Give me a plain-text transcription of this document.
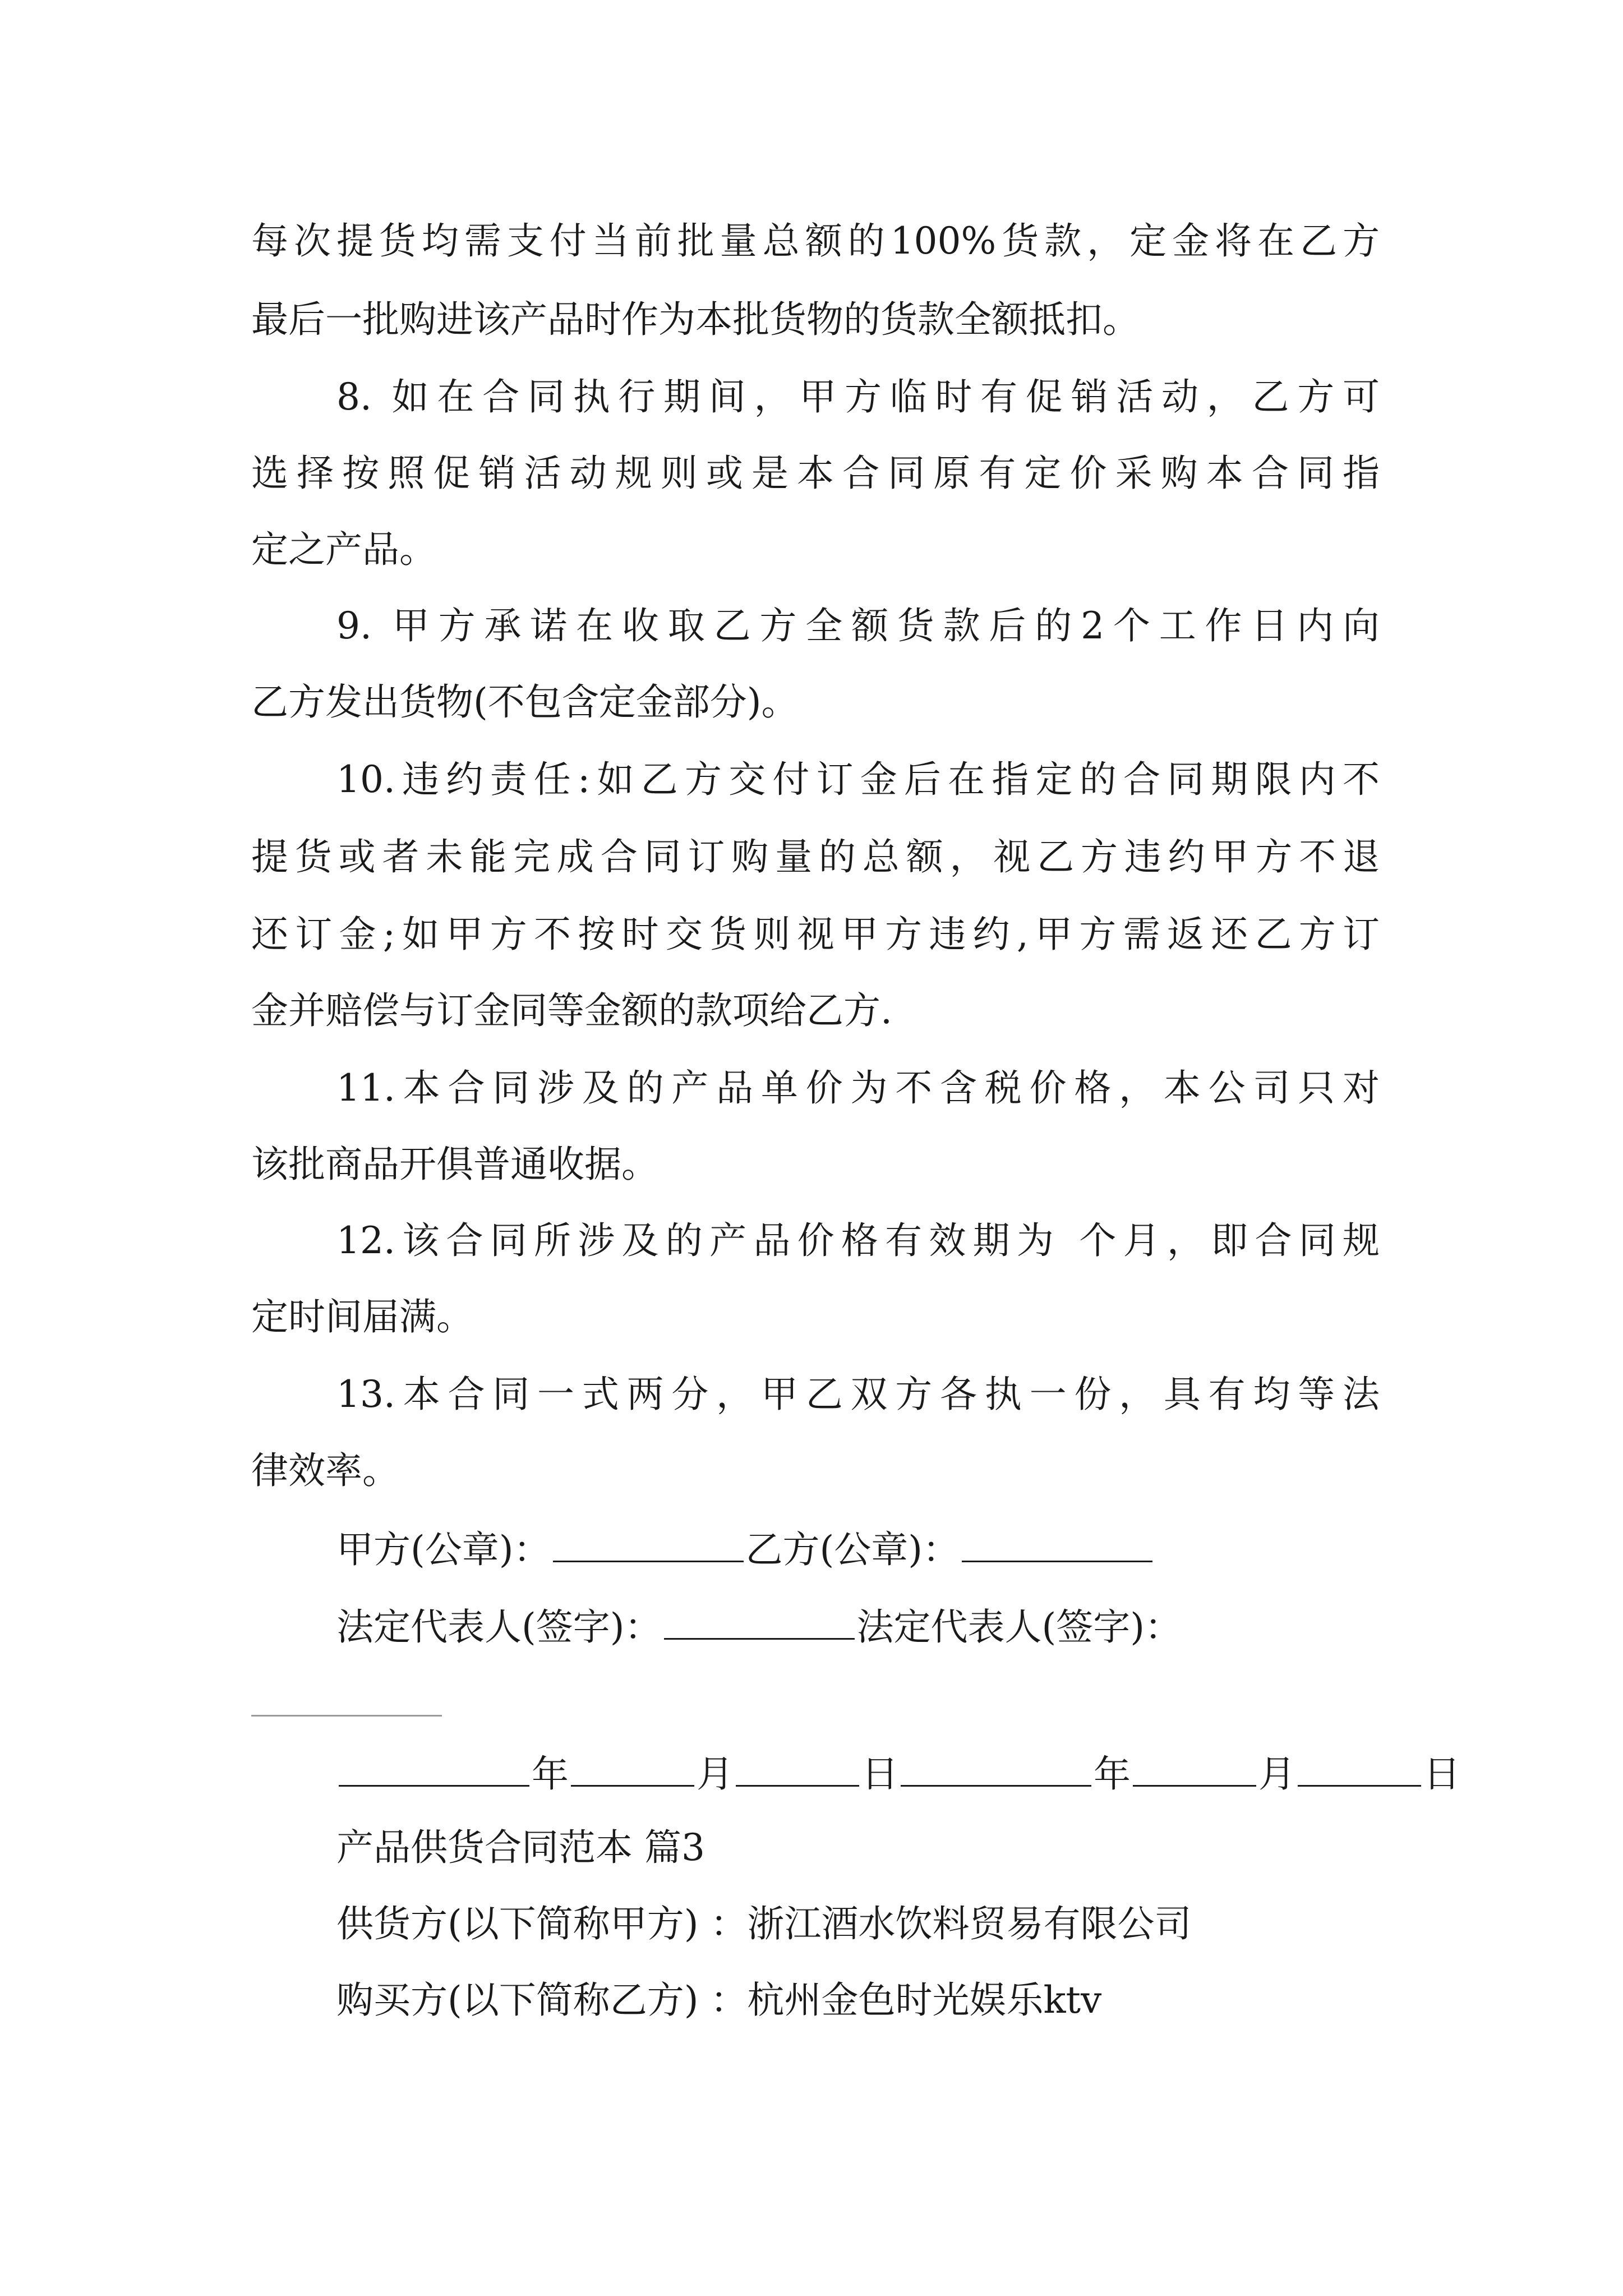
每次提货均需支付当前批量总额的100%货款，定金将在乙方
最后一批购进该产品时作为本批货物的货款全额抵扣。
8. 如在合同执行期间，甲方临时有促销活动，乙方可
选择按照促销活动规则或是本合同原有定价采购本合同指
定之产品。
9. 甲方承诺在收取乙方全额货款后的2个工作日内向
乙方发出货物(不包含定金部分)。
10.违约责任:如乙方交付订金后在指定的合同期限内不
提货或者未能完成合同订购量的总额，视乙方违约甲方不退
还订金;如甲方不按时交货则视甲方违约,甲方需返还乙方订
金并赔偿与订金同等金额的款项给乙方.
11.本合同涉及的产品单价为不含税价格，本公司只对
该批商品开俱普通收据。
12.该合同所涉及的产品价格有效期为 个月，即合同规
定时间届满。
13.本合同一式两分，甲乙双方各执一份，具有均等法
律效率。
甲方(公章)：	乙方(公章)：
法定代表人(签字)：	法定代表人(签字)：
年	月	日	年	月	日
产品供货合同范本 篇3
供货方(以下简称甲方) ：浙江酒水饮料贸易有限公司
购买方(以下简称乙方) ：杭州金色时光娱乐ktv
